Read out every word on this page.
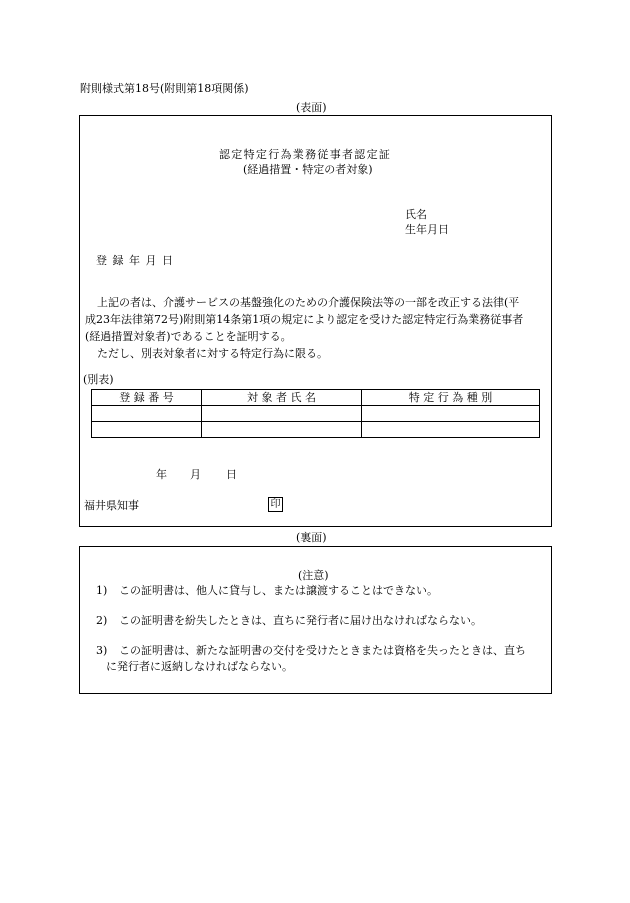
附則様式第18号(附則第18項関係)
(表面)
認定特定行為業務従事者認定証
(経過措置・特定の者対象)
氏名
生年月日
登 録 年 月 日
上記の者は、介護サービスの基盤強化のための介護保険法等の一部を改正する法律(平
成23年法律第72号)附則第14条第1項の規定により認定を受けた認定特定行為業務従事者
(経過措置対象者)であることを証明する。
ただし、別表対象者に対する特定行為に限る。
(別表)
登 録 番 号	対 象 者 氏 名	特 定 行 為 種 別

年 月 日
福井県知事	印
(裏面)
(注意)
1) この証明書は、他人に貸与し、または譲渡することはできない。
2) この証明書を紛失したときは、直ちに発行者に届け出なければならない。
3) この証明書は、新たな証明書の交付を受けたときまたは資格を失ったときは、直ち
に発行者に返納しなければならない。
